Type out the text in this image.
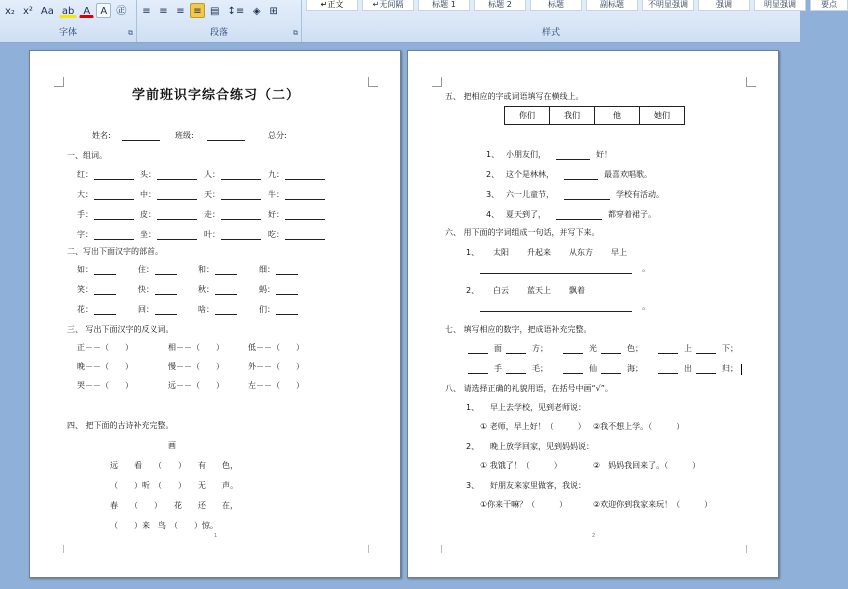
x₂ x² Aa ab A	A ㊣
字体	⧉
≡ ≡ ≡ ≡ ▤ ↕≡ ◈ ⊞
段落	⧉
↵正文	↵无间隔	标题 1	标题 2	标题	副标题	不明显强调	强调	明显强调	要点
样式
学前班识字综合练习（二）
姓名:	班级:	总分:
一、组词。
红：	头：	人：	九：
大：	中：	天：	牛：
手：	皮：	走：	好：
字：	坐：	叶：	吃：
二、写出下面汉字的部首。
如：	住：	和：	细：
笑：	快：	秋：	蚂：
花：	回：	啥：	们：
三、 写出下面汉字的反义词。
正－－（　　）	相－－（　　）	低－－（　　）
晚－－（　　）	慢－－（　　）	外－－（　　）
哭－－（　　）	远－－（　　）	左－－（　　）
四、 把下面的古诗补充完整。
画
远　　看　　（　　）　　有　　色，
（　　）听　（　　）　　无　　声。
春　　（　　）　　花　　还　　在，
（　　）来　鸟　（　　）惊。
1
五、 把相应的字或词语填写在横线上。
你们	我们	他	她们
1、 小朋友们，	好！
2、 这个是林林，	最喜欢唱歌。
3、 六一儿童节，	学校有活动。
4、 夏天到了，	都穿着裙子。
六、 用下面的字词组成一句话，并写下来。
1、 太阳 升起来 从东方 早上
。
2、 白云 蓝天上 飘着
。
七、 填写相应的数字，把成语补充完整。
面	方；	光	色；	上	下；
手	毛；	仙	海；	出	归；
八、 请选择正确的礼貌用语，在括号中画“√”。
1、 早上去学校，见到老师说：
① 老师，早上好！（　　　） ②我不想上学。（　　　）
2、 晚上放学回家，见到妈妈说：
① 我饿了！（　　　）	②　妈妈我回来了。（　　　）
3、 好朋友来家里做客，我说：
①你来干嘛？（　　　）	②欢迎你到我家来玩！（　　　）
2
